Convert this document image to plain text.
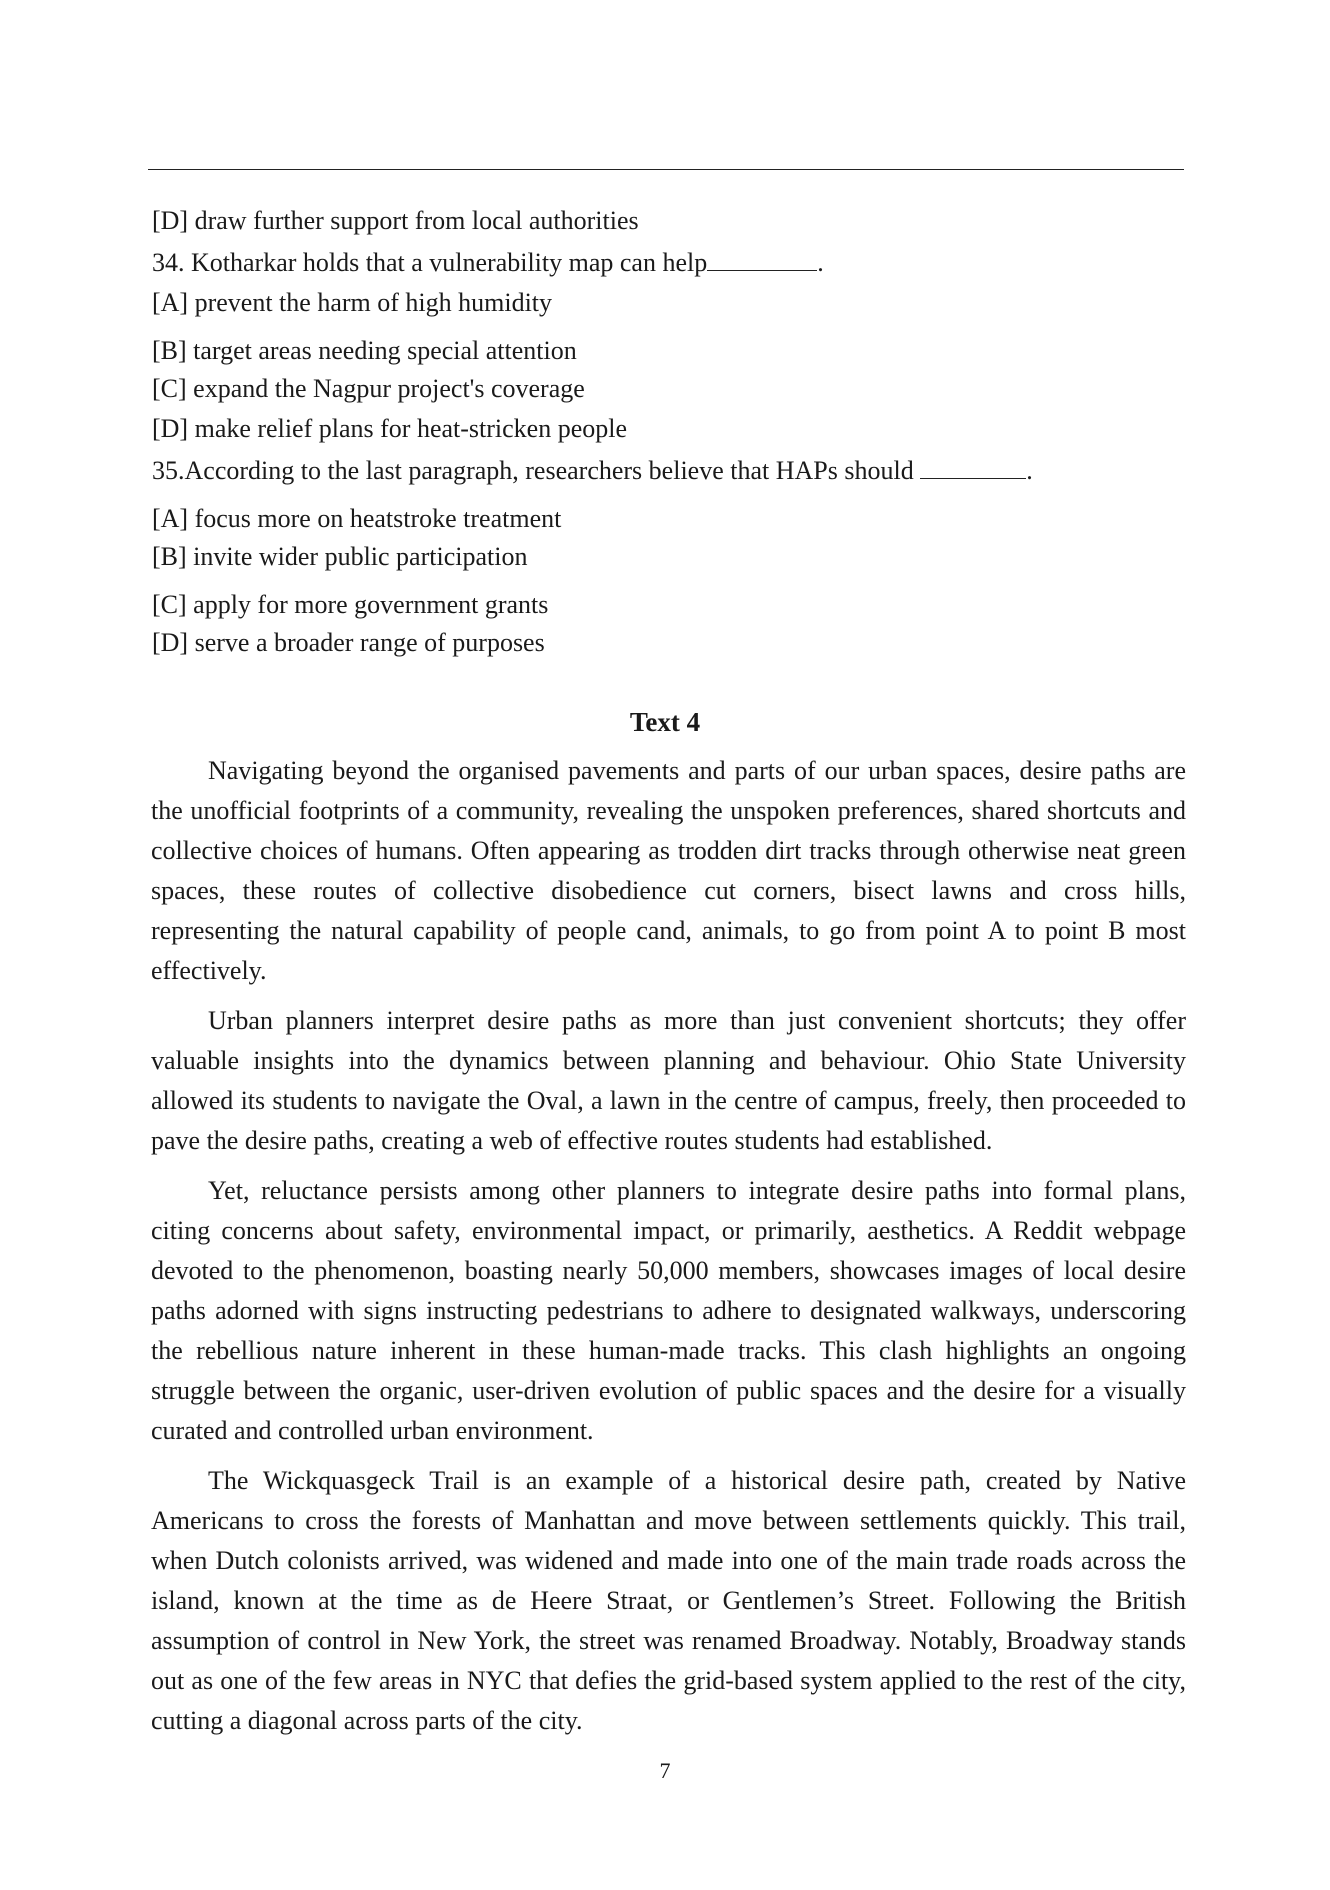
[D] draw further support from local authorities
34. Kotharkar holds that a vulnerability map can help	.
[A] prevent the harm of high humidity
[B] target areas needing special attention
[C] expand the Nagpur project's coverage
[D] make relief plans for heat-stricken people
35.According to the last paragraph, researchers believe that HAPs should	.
[A] focus more on heatstroke treatment
[B] invite wider public participation
[C] apply for more government grants
[D] serve a broader range of purposes
Text 4

Navigating beyond the organised pavements and parts of our urban spaces, desire paths are the unofficial footprints of a community, revealing the unspoken preferences, shared shortcuts and collective choices of humans. Often appearing as trodden dirt tracks through otherwise neat green spaces, these routes of collective disobedience cut corners, bisect lawns and cross hills, representing the natural capability of people cand, animals, to go from point A to point B most effectively.

Urban planners interpret desire paths as more than just convenient shortcuts; they offer valuable insights into the dynamics between planning and behaviour. Ohio State University allowed its students to navigate the Oval, a lawn in the centre of campus, freely, then proceeded to pave the desire paths, creating a web of effective routes students had established.

Yet, reluctance persists among other planners to integrate desire paths into formal plans, citing concerns about safety, environmental impact, or primarily, aesthetics. A Reddit webpage devoted to the phenomenon, boasting nearly 50,000 members, showcases images of local desire paths adorned with signs instructing pedestrians to adhere to designated walkways, underscoring the rebellious nature inherent in these human-made tracks. This clash highlights an ongoing struggle between the organic, user-driven evolution of public spaces and the desire for a visually curated and controlled urban environment.

The Wickquasgeck Trail is an example of a historical desire path, created by Native Americans to cross the forests of Manhattan and move between settlements quickly. This trail, when Dutch colonists arrived, was widened and made into one of the main trade roads across the island, known at the time as de Heere Straat, or Gentlemen’s Street. Following the British assumption of control in New York, the street was renamed Broadway. Notably, Broadway stands out as one of the few areas in NYC that defies the grid-based system applied to the rest of the city, cutting a diagonal across parts of the city.

7
